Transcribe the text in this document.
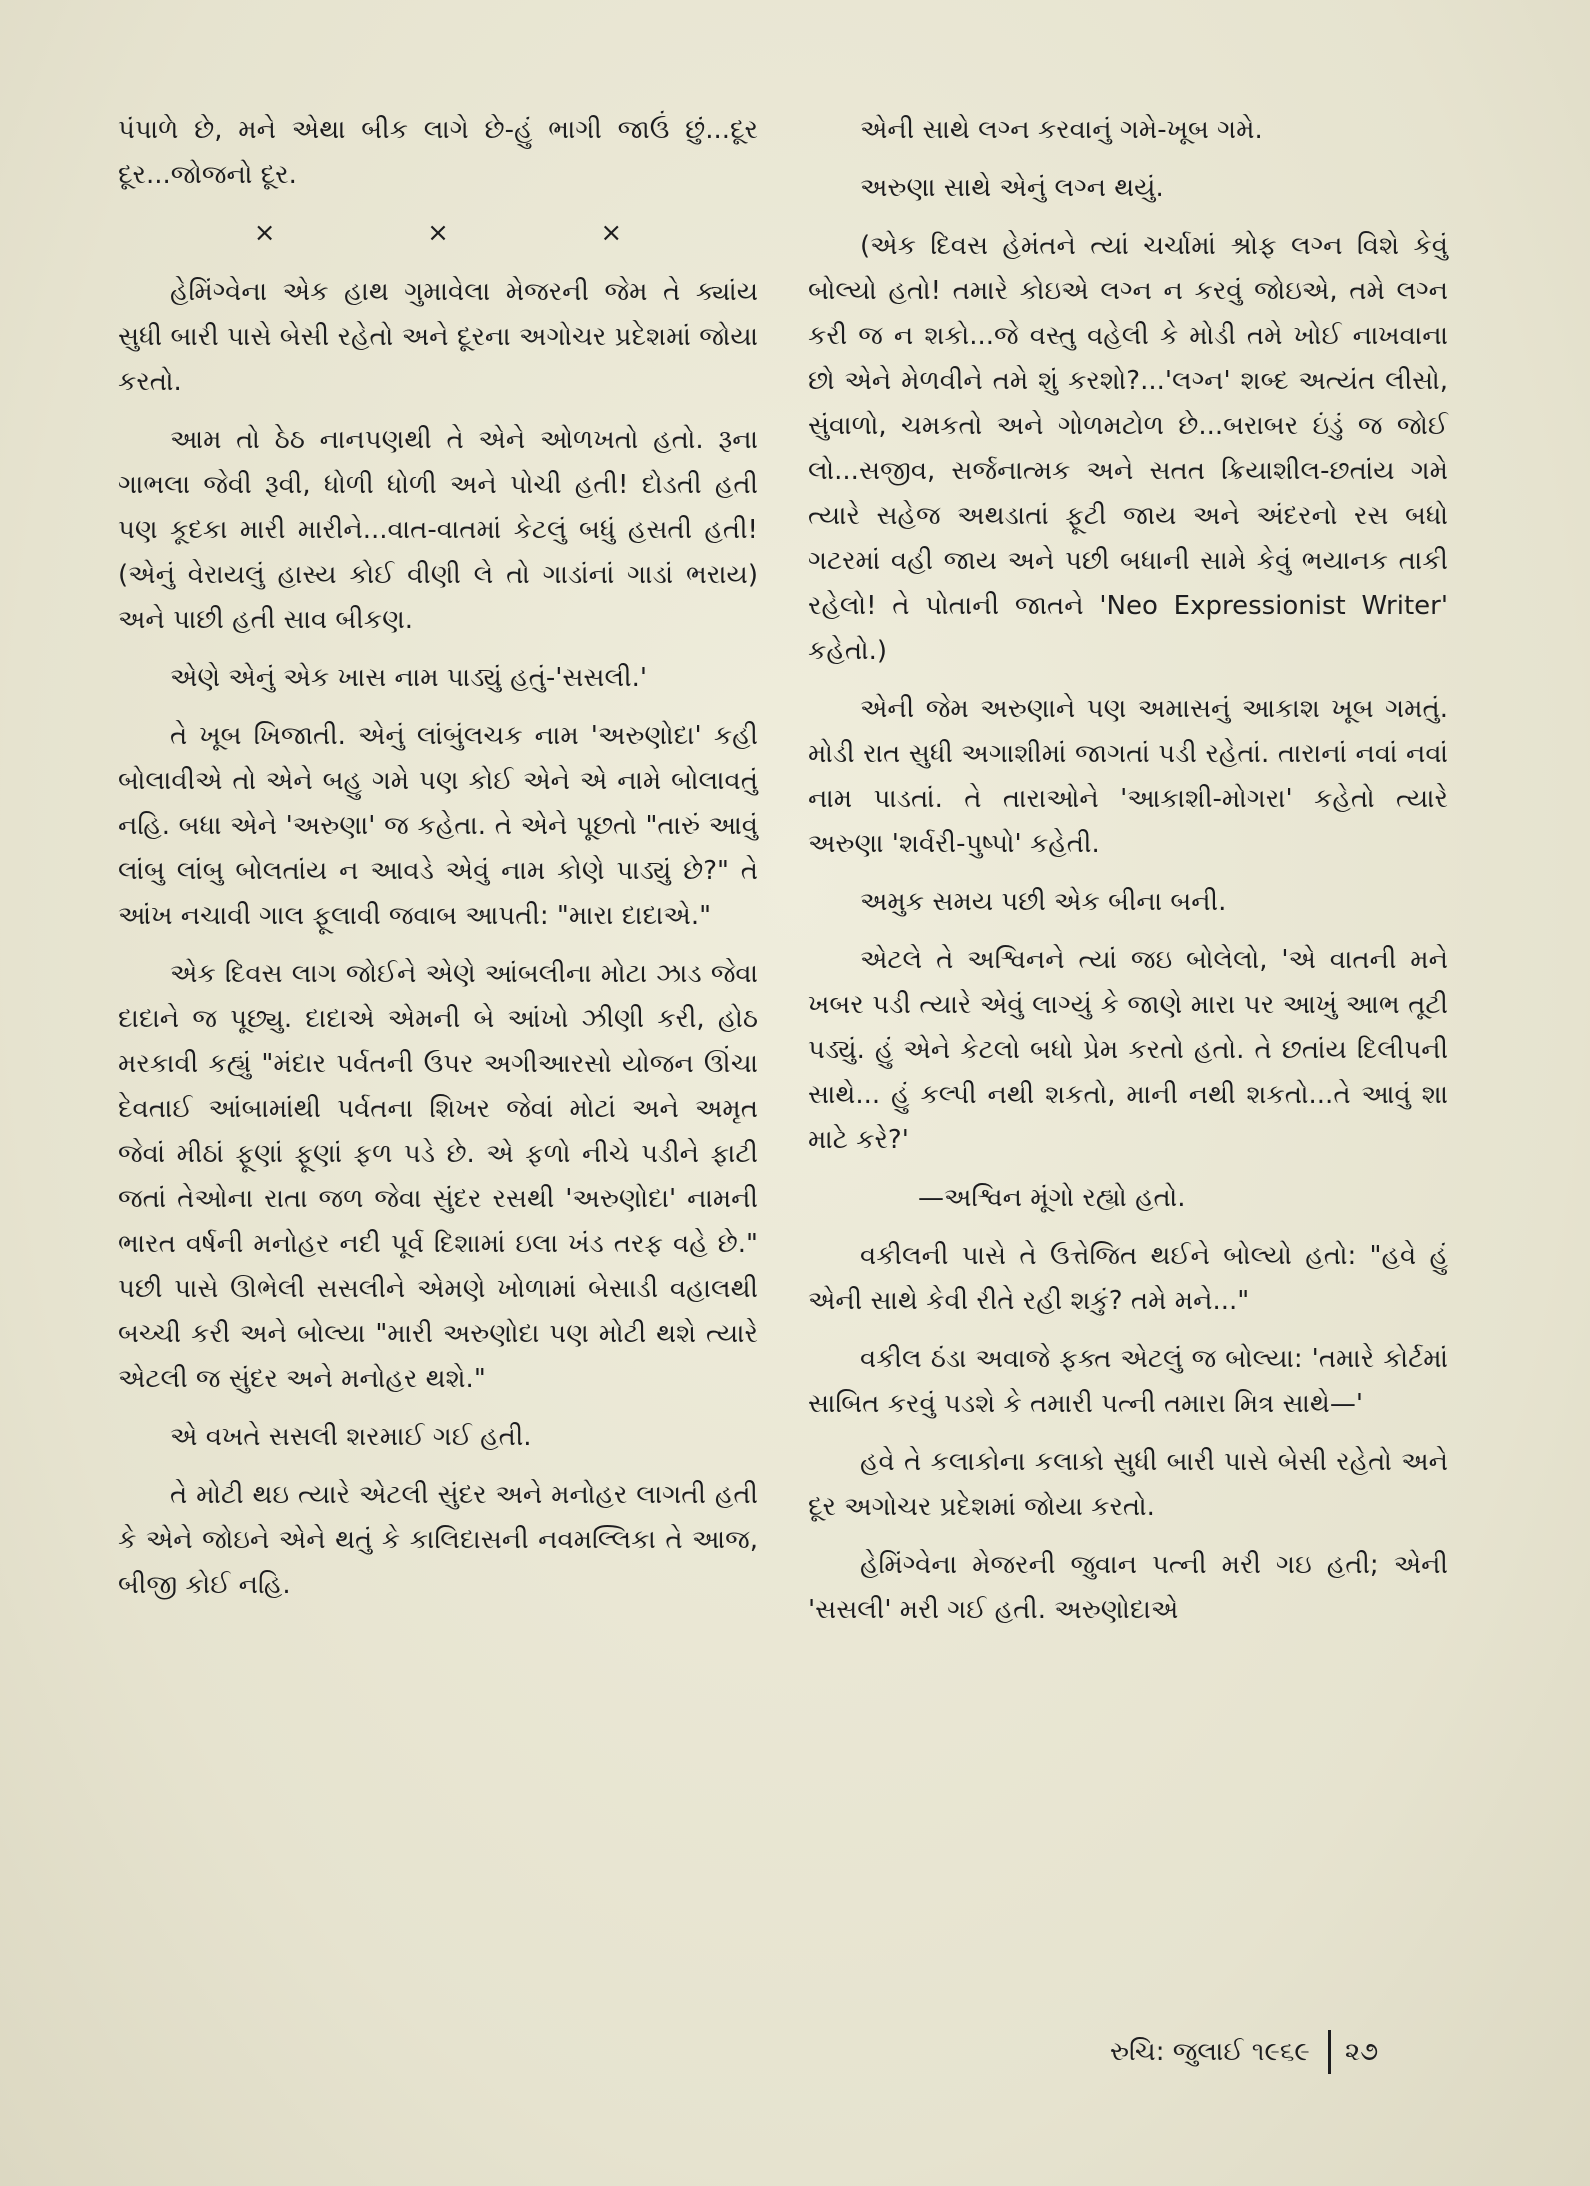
પંપાળે છે, મને એથા બીક લાગે છે-હું ભાગી જાઉં છું...દૂર દૂર...જોજનો દૂર.

×	×	×

હેમિંગ્વેના એક હાથ ગુમાવેલા મેજરની જેમ તે ક્યાંય સુધી બારી પાસે બેસી રહેતો અને દૂરના અગોચર પ્રદેશમાં જોયા કરતો.

આમ તો ઠેઠ નાનપણથી તે એને ઓળખતો હતો. રૂના ગાભલા જેવી રૂવી, ધોળી ધોળી અને પોચી હતી! દોડતી હતી પણ કૂદકા મારી મારીને...વાત-વાતમાં કેટલું બધું હસતી હતી! (એનું વેરાયલું હાસ્ય કોઈ વીણી લે તો ગાડાંનાં ગાડાં ભરાય) અને પાછી હતી સાવ બીકણ.

એણે એનું એક ખાસ નામ પાડ્યું હતું-'સસલી.'

તે ખૂબ ખિજાતી. એનું લાંબુંલચક નામ 'અરુણોદા' કહી બોલાવીએ તો એને બહુ ગમે પણ કોઈ એને એ નામે બોલાવતું નહિ. બધા એને 'અરુણા' જ કહેતા. તે એને પૂછતો "તારું આવું લાંબુ લાંબુ બોલતાંય ન આવડે એવું નામ કોણે પાડ્યું છે?" તે આંખ નચાવી ગાલ ફૂલાવી જવાબ આપતી: "મારા દાદાએ."

એક દિવસ લાગ જોઈને એણે આંબલીના મોટા ઝાડ જેવા દાદાને જ પૂછ્યુ. દાદાએ એમની બે આંખો ઝીણી કરી, હોઠ મરકાવી કહ્યું "મંદાર પર્વતની ઉપર અગીઆરસો યોજન ઊંચા દેવતાઈ આંબામાંથી પર્વતના શિખર જેવાં મોટાં અને અમૃત જેવાં મીઠાં ફૂણાં ફૂણાં ફળ પડે છે. એ ફળો નીચે પડીને ફાટી જતાં તેઓના રાતા જળ જેવા સુંદર રસથી 'અરુણોદા' નામની ભારત વર્ષની મનોહર નદી પૂર્વ દિશામાં ઇલા ખંડ તરફ વહે છે." પછી પાસે ઊભેલી સસલીને એમણે ખોળામાં બેસાડી વહાલથી બચ્ચી કરી અને બોલ્યા "મારી અરુણોદા પણ મોટી થશે ત્યારે એટલી જ સુંદર અને મનોહર થશે."

એ વખતે સસલી શરમાઈ ગઈ હતી.

તે મોટી થઇ ત્યારે એટલી સુંદર અને મનોહર લાગતી હતી કે એને જોઇને એને થતું કે કાલિદાસની નવમલ્લિકા તે આજ, બીજી કોઈ નહિ.

એની સાથે લગ્ન કરવાનું ગમે-ખૂબ ગમે.

અરુણા સાથે એનું લગ્ન થયું.

(એક દિવસ હેમંતને ત્યાં ચર્ચામાં શ્રોફ લગ્ન વિશે કેવું બોલ્યો હતો! તમારે કોઇએ લગ્ન ન કરવું જોઇએ, તમે લગ્ન કરી જ ન શકો...જે વસ્તુ વહેલી કે મોડી તમે ખોઈ નાખવાના છો એને મેળવીને તમે શું કરશો?...'લગ્ન' શબ્દ અત્યંત લીસો, સુંવાળો, ચમકતો અને ગોળમટોળ છે...બરાબર ઇંડું જ જોઈ લો...સજીવ, સર્જનાત્મક અને સતત ક્રિયાશીલ-છતાંય ગમે ત્યારે સહેજ અથડાતાં ફૂટી જાય અને અંદરનો રસ બધો ગટરમાં વહી જાય અને પછી બધાની સામે કેવું ભયાનક તાકી રહેલો! તે પોતાની જાતને 'Neo Expressionist Writer' કહેતો.)

એની જેમ અરુણાને પણ અમાસનું આકાશ ખૂબ ગમતું. મોડી રાત સુધી અગાશીમાં જાગતાં પડી રહેતાં. તારાનાં નવાં નવાં નામ પાડતાં. તે તારાઓને 'આકાશી-મોગરા' કહેતો ત્યારે અરુણા 'શર્વરી-પુષ્પો' કહેતી.

અમુક સમય પછી એક બીના બની.

એટલે તે અશ્વિનને ત્યાં જઇ બોલેલો, 'એ વાતની મને ખબર પડી ત્યારે એવું લાગ્યું કે જાણે મારા પર આખું આભ તૂટી પડ્યું. હું એને કેટલો બધો પ્રેમ કરતો હતો. તે છતાંય દિલીપની સાથે... હું કલ્પી નથી શકતો, માની નથી શકતો...તે આવું શા માટે કરે?'

—અશ્વિન મૂંગો રહ્યો હતો.

વકીલની પાસે તે ઉત્તેજિત થઈને બોલ્યો હતો: "હવે હું એની સાથે કેવી રીતે રહી શકું? તમે મને..."

વકીલ ઠંડા અવાજે ફક્ત એટલું જ બોલ્યા: 'તમારે કોર્ટમાં સાબિત કરવું પડશે કે તમારી પત્ની તમારા મિત્ર સાથે—'

હવે તે કલાકોના કલાકો સુધી બારી પાસે બેસી રહેતો અને દૂર અગોચર પ્રદેશમાં જોયા કરતો.

હેમિંગ્વેના મેજરની જુવાન પત્ની મરી ગઇ હતી; એની 'સસલી' મરી ગઈ હતી. અરુણોદાએ

રુચિ: જુલાઈ ૧૯૬૯ ૨૭
